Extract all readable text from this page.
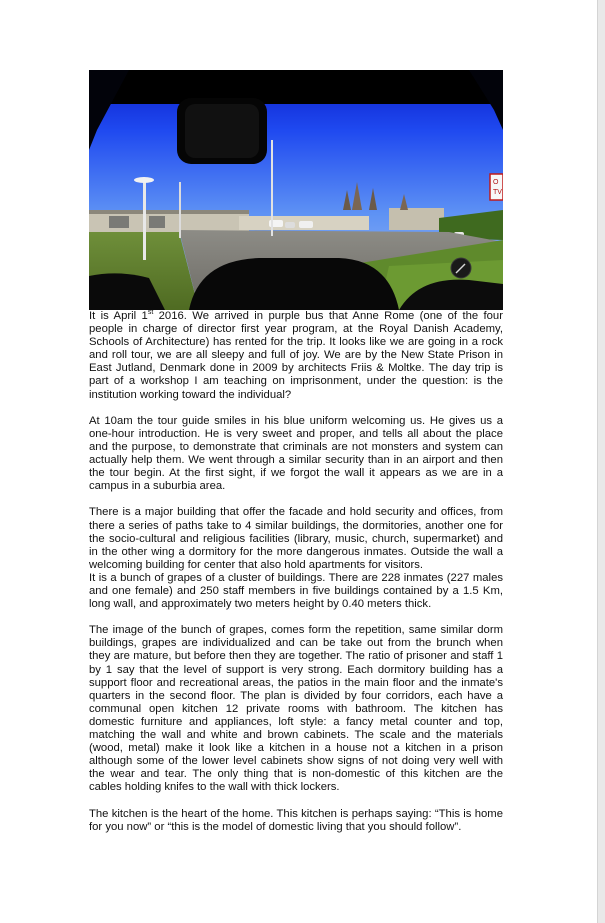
O
TV

It is April 1st 2016. We arrived in purple bus that Anne Rome (one of the four people in charge of director first year program, at the Royal Danish Academy, Schools of Architecture) has rented for the trip. It looks like we are going in a rock and roll tour, we are all sleepy and full of joy. We are by the New State Prison in East Jutland, Denmark done in 2009 by architects Friis & Moltke. The day trip is part of a workshop I am teaching on imprisonment, under the question: is the institution working toward the individual?

At 10am the tour guide smiles in his blue uniform welcoming us. He gives us a one-hour introduction. He is very sweet and proper, and tells all about the place and the purpose, to demonstrate that criminals are not monsters and system can actually help them. We went through a similar security than in an airport and then the tour begin. At the first sight, if we forgot the wall it appears as we are in a campus in a suburbia area.

There is a major building that offer the facade and hold security and offices, from there a series of paths take to 4 similar buildings, the dormitories, another one for the socio-cultural and religious facilities (library, music, church, supermarket) and in the other wing a dormitory for the more dangerous inmates. Outside the wall a welcoming building for center that also hold apartments for visitors.

It is a bunch of grapes of a cluster of buildings. There are 228 inmates (227 males and one female) and 250 staff members in five buildings contained by a 1.5 Km, long wall, and approximately two meters height by 0.40 meters thick.

The image of the bunch of grapes, comes form the repetition, same similar dorm buildings, grapes are individualized and can be take out from the brunch when they are mature, but before then they are together. The ratio of prisoner and staff 1 by 1 say that the level of support is very strong. Each dormitory building has a support floor and recreational areas, the patios in the main floor and the inmate's quarters in the second floor. The plan is divided by four corridors, each have a communal open kitchen 12 private rooms with bathroom. The kitchen has domestic furniture and appliances, loft style: a fancy metal counter and top, matching the wall and white and brown cabinets. The scale and the materials (wood, metal) make it look like a kitchen in a house not a kitchen in a prison although some of the lower level cabinets show signs of not doing very well with the wear and tear. The only thing that is non-domestic of this kitchen are the cables holding knifes to the wall with thick lockers.

The kitchen is the heart of the home. This kitchen is perhaps saying: “This is home for you now” or “this is the model of domestic living that you should follow”.
